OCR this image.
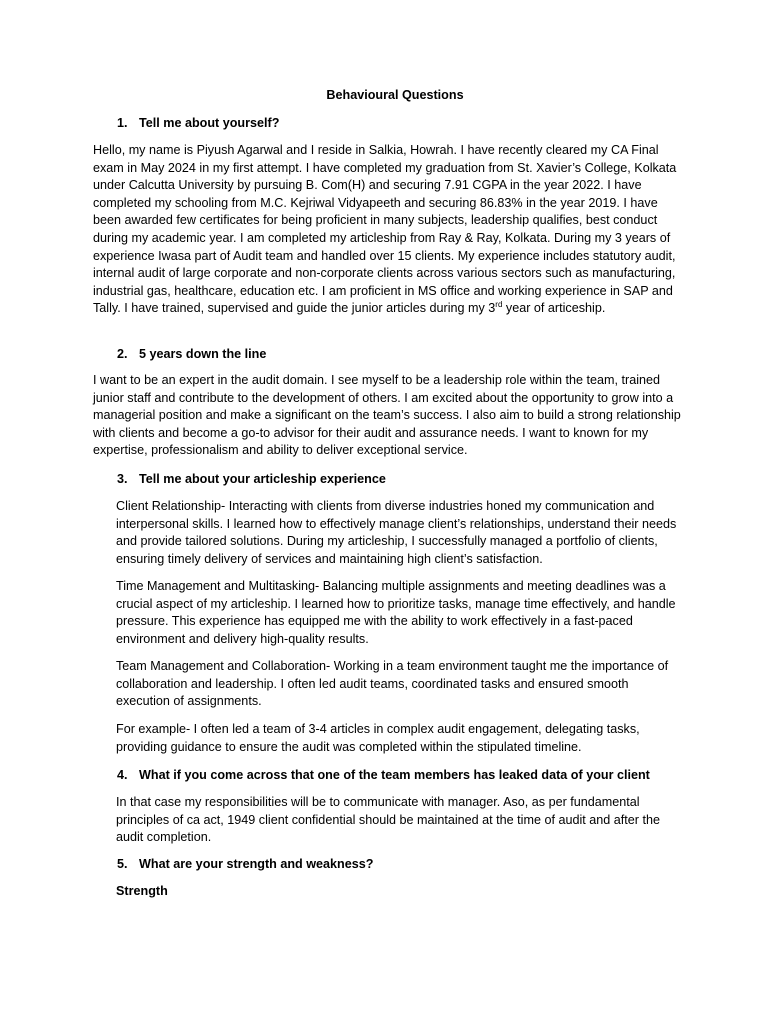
Behavioural Questions

1. Tell me about yourself?

Hello, my name is Piyush Agarwal and I reside in Salkia, Howrah. I have recently cleared my CA Final exam in May 2024 in my first attempt. I have completed my graduation from St. Xavier’s College, Kolkata under Calcutta University by pursuing B. Com(H) and securing 7.91 CGPA in the year 2022. I have completed my schooling from M.C. Kejriwal Vidyapeeth and securing 86.83% in the year 2019. I have been awarded few certificates for being proficient in many subjects, leadership qualifies, best conduct during my academic year. I am completed my articleship from Ray & Ray, Kolkata. During my 3 years of experience Iwasa part of Audit team and handled over 15 clients. My experience includes statutory audit, internal audit of large corporate and non-corporate clients across various sectors such as manufacturing, industrial gas, healthcare, education etc. I am proficient in MS office and working experience in SAP and Tally. I have trained, supervised and guide the junior articles during my 3rd year of articeship.

2. 5 years down the line

I want to be an expert in the audit domain. I see myself to be a leadership role within the team, trained junior staff and contribute to the development of others. I am excited about the opportunity to grow into a managerial position and make a significant on the team’s success. I also aim to build a strong relationship with clients and become a go-to advisor for their audit and assurance needs. I want to known for my expertise, professionalism and ability to deliver exceptional service.

3. Tell me about your articleship experience

Client Relationship- Interacting with clients from diverse industries honed my communication and interpersonal skills. I learned how to effectively manage client’s relationships, understand their needs and provide tailored solutions. During my articleship, I successfully managed a portfolio of clients, ensuring timely delivery of services and maintaining high client’s satisfaction.

Time Management and Multitasking- Balancing multiple assignments and meeting deadlines was a crucial aspect of my articleship. I learned how to prioritize tasks, manage time effectively, and handle pressure. This experience has equipped me with the ability to work effectively in a fast-paced environment and delivery high-quality results.

Team Management and Collaboration- Working in a team environment taught me the importance of collaboration and leadership. I often led audit teams, coordinated tasks and ensured smooth execution of assignments.

For example- I often led a team of 3-4 articles in complex audit engagement, delegating tasks, providing guidance to ensure the audit was completed within the stipulated timeline.

4. What if you come across that one of the team members has leaked data of your client

In that case my responsibilities will be to communicate with manager. Aso, as per fundamental principles of ca act, 1949 client confidential should be maintained at the time of audit and after the audit completion.

5. What are your strength and weakness?

Strength
